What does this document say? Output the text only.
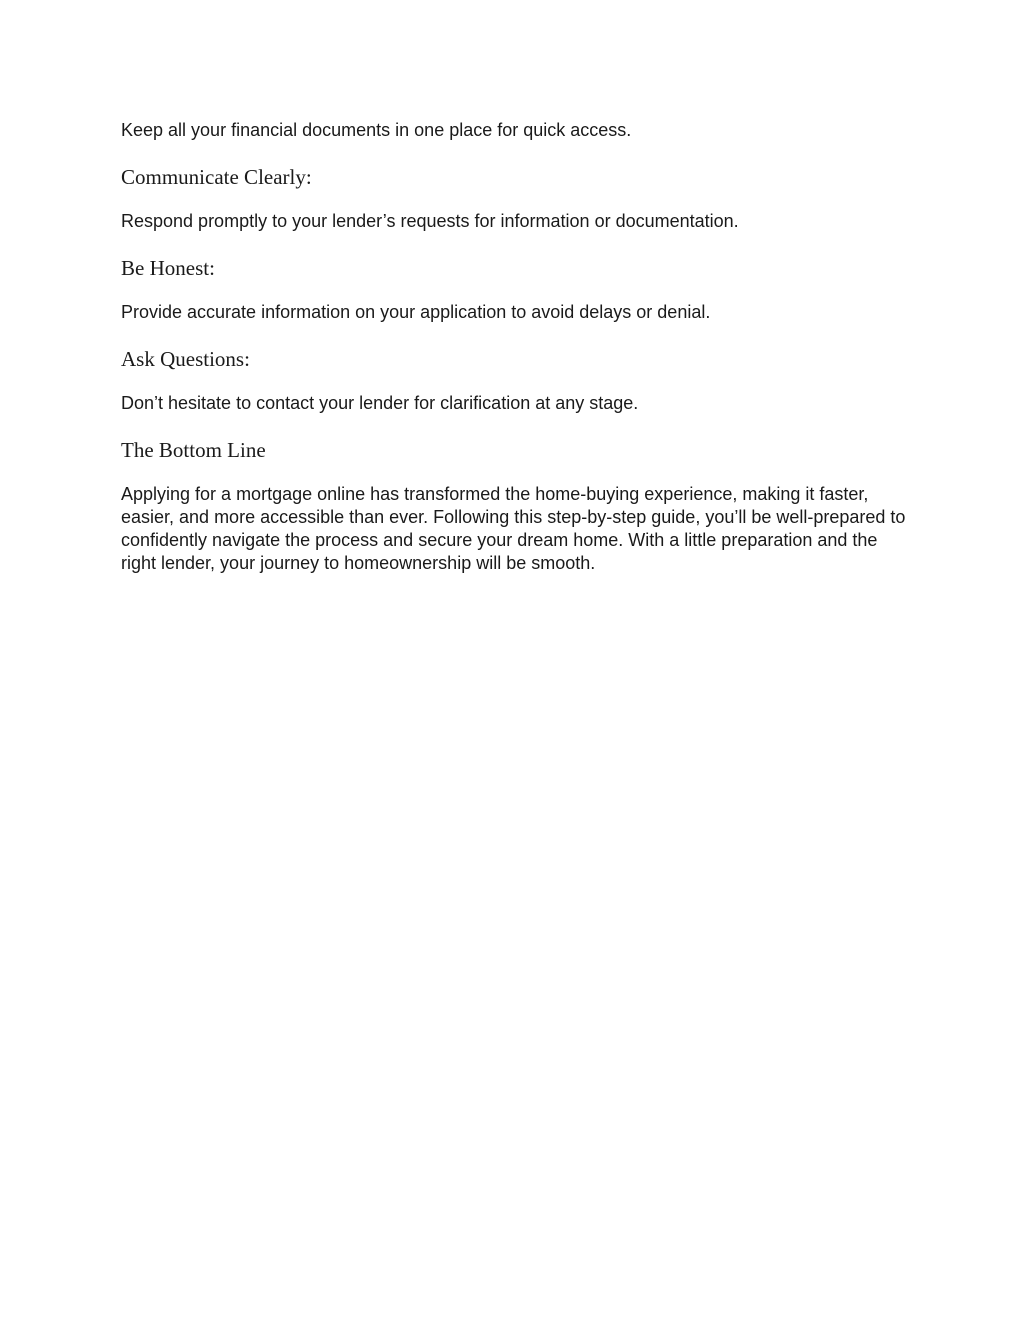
Keep all your financial documents in one place for quick access.

Communicate Clearly:

Respond promptly to your lender’s requests for information or documentation.

Be Honest:

Provide accurate information on your application to avoid delays or denial.

Ask Questions:

Don’t hesitate to contact your lender for clarification at any stage.

The Bottom Line

Applying for a mortgage online has transformed the home-buying experience, making it faster, easier, and more accessible than ever. Following this step-by-step guide, you’ll be well-prepared to confidently navigate the process and secure your dream home. With a little preparation and the right lender, your journey to homeownership will be smooth.
